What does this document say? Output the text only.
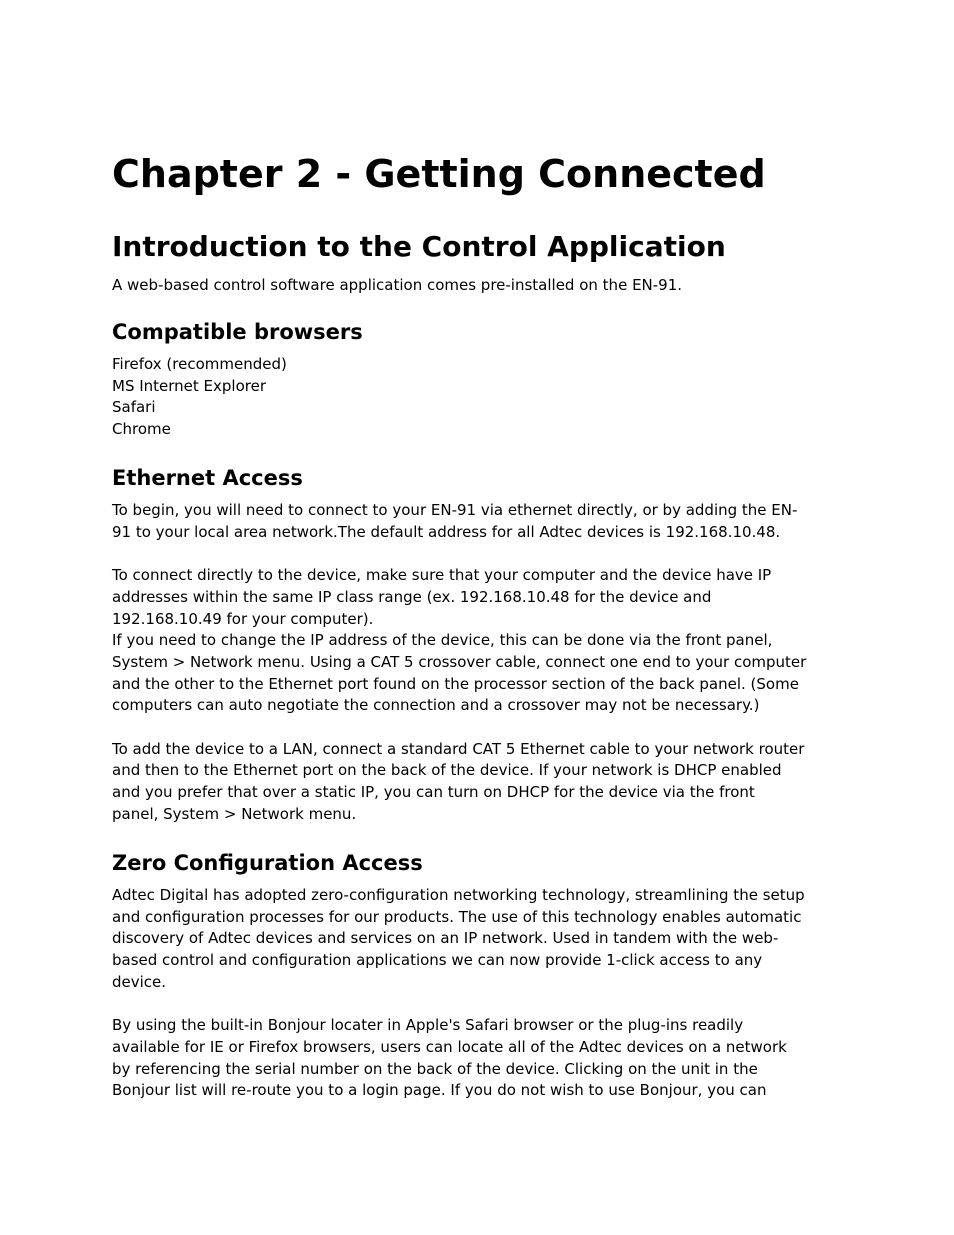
Chapter 2 - Getting Connected
Introduction to the Control Application

A web-based control software application comes pre-installed on the EN-91.

Compatible browsers
Firefox (recommended)
MS Internet Explorer
Safari
Chrome
Ethernet Access
To begin, you will need to connect to your EN-91 via ethernet directly, or by adding the EN-
91 to your local area network.The default address for all Adtec devices is 192.168.10.48.
To connect directly to the device, make sure that your computer and the device have IP
addresses within the same IP class range (ex. 192.168.10.48 for the device and
192.168.10.49 for your computer).
If you need to change the IP address of the device, this can be done via the front panel,
System > Network menu. Using a CAT 5 crossover cable, connect one end to your computer
and the other to the Ethernet port found on the processor section of the back panel. (Some
computers can auto negotiate the connection and a crossover may not be necessary.)
To add the device to a LAN, connect a standard CAT 5 Ethernet cable to your network router
and then to the Ethernet port on the back of the device. If your network is DHCP enabled
and you prefer that over a static IP, you can turn on DHCP for the device via the front
panel, System > Network menu.
Zero Configuration Access
Adtec Digital has adopted zero-configuration networking technology, streamlining the setup
and configuration processes for our products. The use of this technology enables automatic
discovery of Adtec devices and services on an IP network. Used in tandem with the web-
based control and configuration applications we can now provide 1-click access to any
device.
By using the built-in Bonjour locater in Apple's Safari browser or the plug-ins readily
available for IE or Firefox browsers, users can locate all of the Adtec devices on a network
by referencing the serial number on the back of the device. Clicking on the unit in the
Bonjour list will re-route you to a login page. If you do not wish to use Bonjour, you can
